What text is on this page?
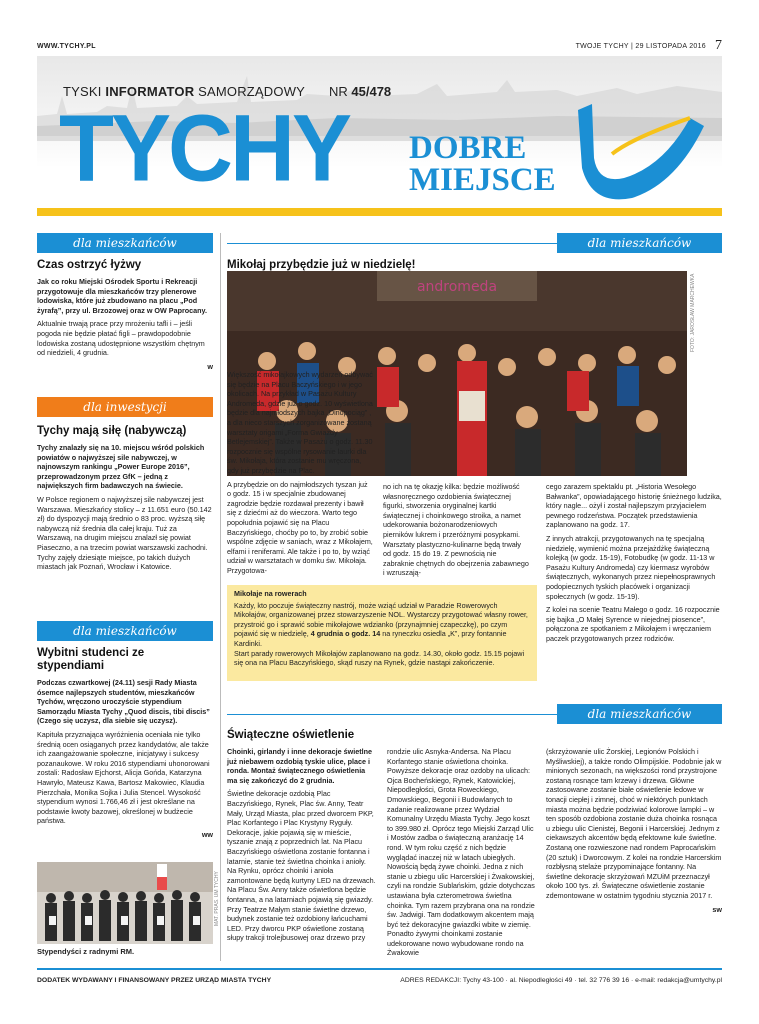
WWW.TYCHY.PL	TWOJE TYCHY | 29 LISTOPADA 2016 7
TYSKI INFORMATOR SAMORZĄDOWY NR 45/478
TYCHY DOBRE
MIEJSCE
dla mieszkańców	dla mieszkańców
dla inwestycji
dla mieszkańców
dla mieszkańców
Czas ostrzyć łyżwy

Jak co roku Miejski Ośrodek Sportu i Rekreacji przygotowuje dla mieszkańców trzy plenerowe lodowiska, które już zbudowano na placu „Pod żyrafą”, przy ul. Brzozowej oraz w OW Paprocany.

Aktualnie trwają prace przy mrożeniu tafli i – jeśli pogoda nie będzie płatać figli – prawdopodobnie lodowiska zostaną udostępnione wszystkim chętnym od niedzieli, 4 grudnia.

w
Tychy mają siłę (nabywczą)

Tychy znalazły się na 10. miejscu wśród polskich powiatów o najwyższej sile nabywczej, w najnowszym rankingu „Power Europe 2016”, przeprowadzonym przez GfK – jedną z największych firm badawczych na świecie.

W Polsce regionem o najwyższej sile nabywczej jest Warszawa. Mieszkańcy stolicy – z 11.651 euro (50.142 zł) do dyspozycji mają średnio o 83 proc. wyższą siłę nabywczą niż średnia dla całej kraju. Tuż za Warszawą, na drugim miejscu znalazł się powiat Piaseczno, a na trzecim powiat warszawski zachodni. Tychy zajęły dziesiąte miejsce, po takich dużych miastach jak Poznań, Wrocław i Katowice.

Wybitni studenci ze stypendiami

Podczas czwartkowej (24.11) sesji Rady Miasta ósemce najlepszych studentów, mieszkańców Tychów, wręczono uroczyście stypendium Samorządu Miasta Tychy „Quod discis, tibi discis” (Czego się uczysz, dla siebie się uczysz).

Kapituła przyznająca wyróżnienia oceniała nie tylko średnią ocen osiąganych przez kandydatów, ale także ich zaangażowanie społeczne, inicjatywy i sukcesy pozanaukowe. W roku 2016 stypendiami uhonorowani zostali: Radosław Ejchorst, Alicja Gońda, Katarzyna Hawryło, Mateusz Kawa, Bartosz Makowiec, Klaudia Pierzchała, Monika Sojka i Julia Stencel. Wysokość stypendium wynosi 1.766,46 zł i jest określane na podstawie kwoty bazowej, określonej w budżecie państwa.

ww
MAT. PRAS. UM TYCHY
Stypendyści z radnymi RM.
Mikołaj przybędzie już w niedzielę!

andromeda	FOTO: JAROSŁAW MARCHEWKA

Większość mikołajkowych wydarzeń odbywać się będzie na Placu Baczyńskiego i w jego okolicach. Na przykład w Pasażu Kultury Andromeda, gdzie już o godz. 10 wyświetlona będzie dla najmłodszych bajka „Dinopociąg” , a dla nieco starszych zorganizowane zostaną warsztaty origami „Forma Gwiazdy Betlejemskiej”. Także w Pasażu o godz. 11.30 rozpocznie się wspólne rysowanie laurki dla św. Mikołaja, która zostanie mu wręczona, gdy już przybędzie na Plac.

A przybędzie on do najmłodszych tyszan już o godz. 15 i w specjalnie zbudowanej zagrodzie będzie rozdawał prezenty i bawił się z dziećmi aż do wieczora. Warto tego popołudnia pojawić się na Placu Baczyńskiego, choćby po to, by zrobić sobie wspólne zdjęcie w saniach, wraz z Mikołajem, elfami i reniferami. Ale także i po to, by wziąć udział w warsztatach w domku św. Mikołaja. Przygotowa-

no ich na tę okazję kilka: będzie możliwość własnoręcznego ozdobienia świątecznej figurki, stworzenia oryginalnej kartki świątecznej i choinkowego stroika, a namet udekorowania bożonarodzeniowych pierników lukrem i przeróżnymi posypkami. Warsztaty plastyczno-kulinarne będą trwały od godz. 15 do 19. Z pewnością nie zabraknie chętnych do obejrzenia zabawnego i wzruszają-

cego zarazem spektaklu pt. „Historia Wesołego Bałwanka”, opowiadającego historię śnieżnego ludzika, który nagle... ożył i został najlepszym przyjacielem pewnego rodzeństwa. Początek przedstawienia zaplanowano na godz. 17.

Z innych atrakcji, przygotowanych na tę specjalną niedzielę, wymienić można przejażdżkę świąteczną kolejką (w godz. 15-19), Fotobudkę (w godz. 11-13 w Pasażu Kultury Andromeda) czy kiermasz wyrobów świątecznych, wykonanych przez niepełnosprawnych podopiecznych tyskich placówek i organizacji społecznych (w godz. 15-19).

Z kolei na scenie Teatru Małego o godz. 16 rozpocznie się bajka „O Małej Syrence w niejednej piosence”, połączona ze spotkaniem z Mikołajem i wręczaniem paczek przygotowanych przez rodziców.

Mikołaje na rowerach

Każdy, kto poczuje świąteczny nastrój, może wziąć udział w Paradzie Rowerowych Mikołajów, organizowanej przez stowarzyszenie NOL. Wystarczy przygotować własny rower, przystroić go i sprawić sobie mikołajowe wdzianko (przynajmniej czapeczkę), po czym pojawić się w niedzielę, 4 grudnia o godz. 14 na ryneczku osiedla „K”, przy fontannie Kardinki.

Start parady rowerowych Mikołajów zaplanowano na godz. 14.30, około godz. 15.15 pojawi się ona na Placu Baczyńskiego, skąd ruszy na Rynek, gdzie nastąpi zakończenie.

Świąteczne oświetlenie

Choinki, girlandy i inne dekoracje świetlne już niebawem ozdobią tyskie ulice, place i ronda. Montaż świątecznego oświetlenia ma się zakończyć do 2 grudnia.

Świetlne dekoracje ozdobią Plac Baczyńskiego, Rynek, Plac św. Anny, Teatr Mały, Urząd Miasta, plac przed dworcem PKP, Plac Korfantego i Plac Krystyny Ryguły. Dekoracje, jakie pojawią się w mieście, tyszanie znają z poprzednich lat. Na Placu Baczyńskiego oświetlona zostanie fontanna i latarnie, stanie też świetlna choinka i anioły. Na Rynku, oprócz choinki i anioła zamontowane będą kurtyny LED na drzewach. Na Placu Św. Anny także oświetlona będzie fontanna, a na latarniach pojawią się gwiazdy. Przy Teatrze Małym stanie świetlne drzewo, budynek zostanie też ozdobiony łańcuchami LED. Przy dworcu PKP oświetlone zostaną słupy trakcji trolejbusowej oraz drzewo przy

rondzie ulic Asnyka-Andersa. Na Placu Korfantego stanie oświetlona choinka. Powyższe dekoracje oraz ozdoby na ulicach: Ojca Bocheńskiego, Rynek, Katowickiej, Niepodległości, Grota Roweckiego, Dmowskiego, Begonii i Budowlanych to zadanie realizowane przez Wydział Komunalny Urzędu Miasta Tychy. Jego koszt to 399.980 zł. Oprócz tego Miejski Zarząd Ulic i Mostów zadba o świąteczną aranżację 14 rond. W tym roku część z nich będzie wyglądać inaczej niż w latach ubiegłych. Nowością będą żywe choinki. Jedna z nich stanie u zbiegu ulic Harcerskiej i Żwakowskiej, czyli na rondzie Sublańskim, gdzie dotychczas ustawiana była czterometrowa świetlna choinka. Tym razem przybrana ona na rondzie św. Jadwigi. Tam dodatkowym akcentem mają być też dekoracyjne gwiazdki wbite w ziemię. Ponadto żywymi choinkami zostanie udekorowane nowo wybudowane rondo na Żwakowie

(skrzyżowanie ulic Żorskiej, Legionów Polskich i Myśliwskiej), a także rondo Olimpijskie. Podobnie jak w minionych sezonach, na większości rond przystrojone zostaną rosnące tam krzewy i drzewa. Główne zastosowane zostanie białe oświetlenie ledowe w tonacji ciepłej i zimnej, choć w niektórych punktach miasta można będzie podziwiać kolorowe lampki – w ten sposób ozdobiona zostanie duża choinka rosnąca u zbiegu ulic Cienistej, Begonii i Harcerskiej. Jednym z ciekawszych akcentów będą efektowne kule świetlne. Zostaną one rozwieszone nad rondem Paprocańskim (20 sztuk) i Dworcowym. Z kolei na rondzie Harcerskim rozbłysną stelaże przypominające fontanny. Na świetlne dekoracje skrzyżowań MZUiM przeznaczył około 100 tys. zł. Świąteczne oświetlenie zostanie zdemontowane w ostatnim tygodniu stycznia 2017 r.

sw
DODATEK WYDAWANY I FINANSOWANY PRZEZ URZĄD MIASTA TYCHY	ADRES REDAKCJI: Tychy 43-100 · al. Niepodległości 49 · tel. 32 776 39 16 · e-mail: redakcja@umtychy.pl
